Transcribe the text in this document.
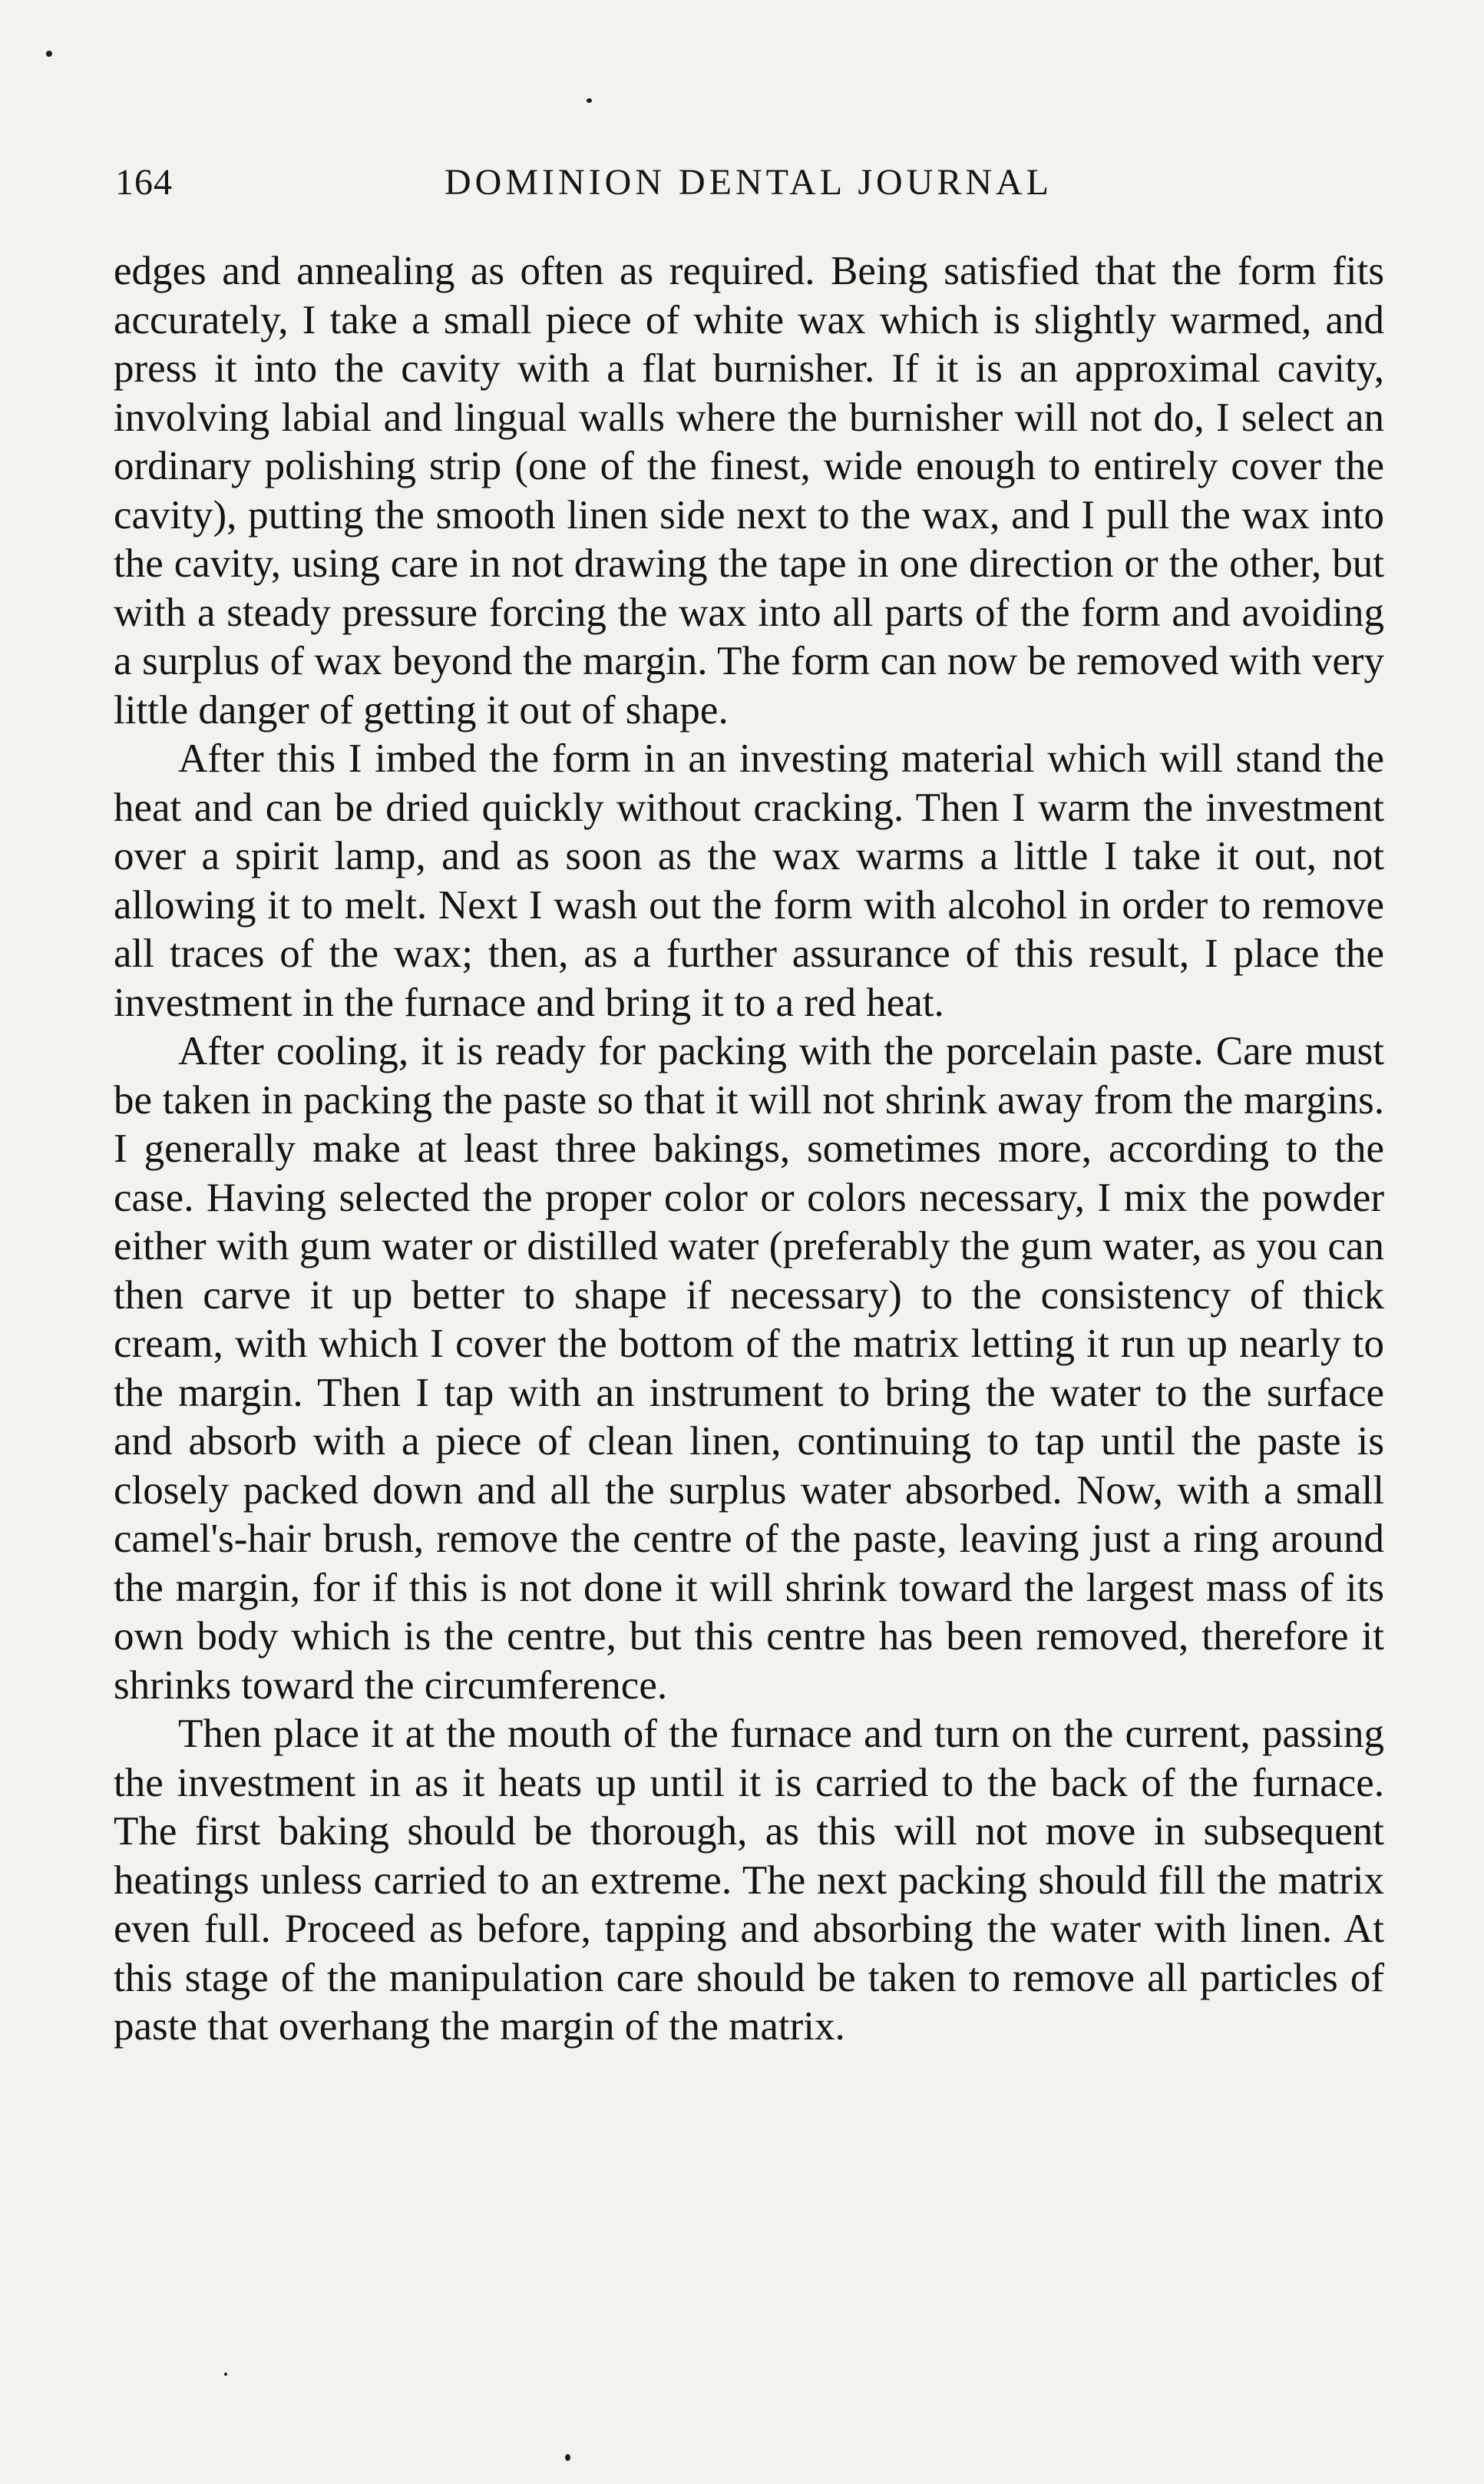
164	DOMINION DENTAL JOURNAL

edges and annealing as often as required. Being satisfied that the form fits accurately, I take a small piece of white wax which is slightly warmed, and press it into the cavity with a flat burnisher. If it is an approximal cavity, involving labial and lingual walls where the burnisher will not do, I select an ordinary polishing strip (one of the finest, wide enough to entirely cover the cavity), putting the smooth linen side next to the wax, and I pull the wax into the cavity, using care in not drawing the tape in one direction or the other, but with a steady pressure forcing the wax into all parts of the form and avoiding a surplus of wax beyond the margin. The form can now be removed with very little danger of getting it out of shape.

After this I imbed the form in an investing material which will stand the heat and can be dried quickly without cracking. Then I warm the investment over a spirit lamp, and as soon as the wax warms a little I take it out, not allowing it to melt. Next I wash out the form with alcohol in order to remove all traces of the wax; then, as a further assurance of this result, I place the investment in the furnace and bring it to a red heat.

After cooling, it is ready for packing with the porcelain paste. Care must be taken in packing the paste so that it will not shrink away from the margins. I generally make at least three bakings, sometimes more, according to the case. Having selected the proper color or colors necessary, I mix the powder either with gum water or distilled water (preferably the gum water, as you can then carve it up better to shape if necessary) to the consistency of thick cream, with which I cover the bottom of the matrix letting it run up nearly to the margin. Then I tap with an instrument to bring the water to the surface and absorb with a piece of clean linen, continuing to tap until the paste is closely packed down and all the surplus water absorbed. Now, with a small camel's-hair brush, remove the centre of the paste, leaving just a ring around the margin, for if this is not done it will shrink toward the largest mass of its own body which is the centre, but this centre has been removed, therefore it shrinks toward the circumference.

Then place it at the mouth of the furnace and turn on the current, passing the investment in as it heats up until it is carried to the back of the furnace. The first baking should be thorough, as this will not move in subsequent heatings unless carried to an extreme. The next packing should fill the matrix even full. Proceed as before, tapping and absorbing the water with linen. At this stage of the manipulation care should be taken to remove all particles of paste that overhang the margin of the matrix.
